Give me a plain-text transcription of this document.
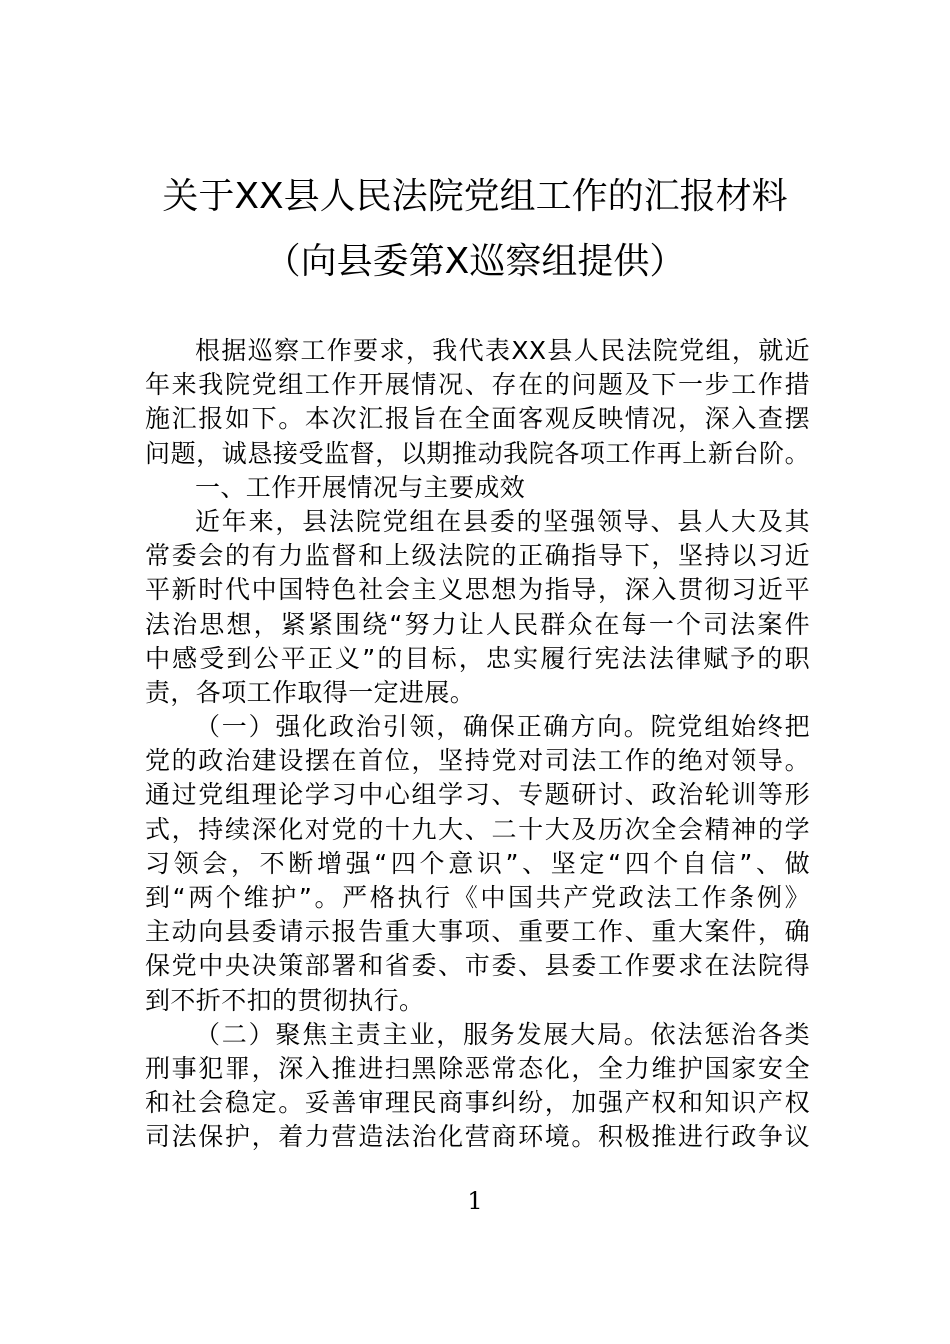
关于XX县人民法院党组工作的汇报材料
（向县委第X巡察组提供）
根据巡察工作要求，我代表XX县人民法院党组，就近
年来我院党组工作开展情况、存在的问题及下一步工作措
施汇报如下。本次汇报旨在全面客观反映情况，深入查摆
问题，诚恳接受监督，以期推动我院各项工作再上新台阶。
一、工作开展情况与主要成效
近年来，县法院党组在县委的坚强领导、县人大及其
常委会的有力监督和上级法院的正确指导下，坚持以习近
平新时代中国特色社会主义思想为指导，深入贯彻习近平
法治思想，紧紧围绕“努力让人民群众在每一个司法案件
中感受到公平正义”的目标，忠实履行宪法法律赋予的职
责，各项工作取得一定进展。
（一）强化政治引领，确保正确方向。院党组始终把
党的政治建设摆在首位，坚持党对司法工作的绝对领导。
通过党组理论学习中心组学习、专题研讨、政治轮训等形
式，持续深化对党的十九大、二十大及历次全会精神的学
习领会，不断增强“四个意识”、坚定“四个自信”、做
到“两个维护”。严格执行《中国共产党政法工作条例》
主动向县委请示报告重大事项、重要工作、重大案件，确
保党中央决策部署和省委、市委、县委工作要求在法院得
到不折不扣的贯彻执行。
（二）聚焦主责主业，服务发展大局。依法惩治各类
刑事犯罪，深入推进扫黑除恶常态化，全力维护国家安全
和社会稳定。妥善审理民商事纠纷，加强产权和知识产权
司法保护，着力营造法治化营商环境。积极推进行政争议
1
